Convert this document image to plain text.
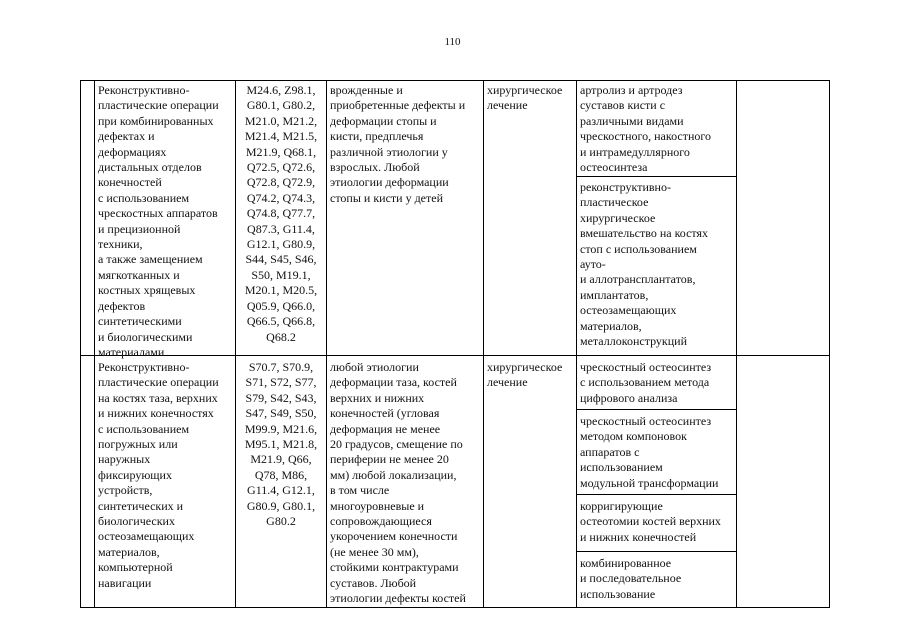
110

Реконструктивно-
пластические операции
при комбинированных
дефектах и
деформациях
дистальных отделов
конечностей
с использованием
чрескостных аппаратов
и прецизионной
техники,
а также замещением
мягкотканных и
костных хрящевых
дефектов
синтетическими
и биологическими
материалами
M24.6, Z98.1,
G80.1, G80.2,
M21.0, M21.2,
M21.4, M21.5,
M21.9, Q68.1,
Q72.5, Q72.6,
Q72.8, Q72.9,
Q74.2, Q74.3,
Q74.8, Q77.7,
Q87.3, G11.4,
G12.1, G80.9,
S44, S45, S46,
S50, M19.1,
M20.1, M20.5,
Q05.9, Q66.0,
Q66.5, Q66.8,
Q68.2
врожденные и
приобретенные дефекты и
деформации стопы и
кисти, предплечья
различной этиологии у
взрослых. Любой
этиологии деформации
стопы и кисти у детей
хирургическое
лечение
артролиз и артродез
суставов кисти с
различными видами
чрескостного, накостного
и интрамедуллярного
остеосинтеза
реконструктивно-
пластическое
хирургическое
вмешательство на костях
стоп с использованием
ауто-
и аллотрансплантатов,
имплантатов,
остеозамещающих
материалов,
металлоконструкций
Реконструктивно-
пластические операции
на костях таза, верхних
и нижних конечностях
с использованием
погружных или
наружных
фиксирующих
устройств,
синтетических и
биологических
остеозамещающих
материалов,
компьютерной
навигации
S70.7, S70.9,
S71, S72, S77,
S79, S42, S43,
S47, S49, S50,
M99.9, M21.6,
M95.1, M21.8,
M21.9, Q66,
Q78, M86,
G11.4, G12.1,
G80.9, G80.1,
G80.2
любой этиологии
деформации таза, костей
верхних и нижних
конечностей (угловая
деформация не менее
20 градусов, смещение по
периферии не менее 20
мм) любой локализации,
в том числе
многоуровневые и
сопровождающиеся
укорочением конечности
(не менее 30 мм),
стойкими контрактурами
суставов. Любой
этиологии дефекты костей
хирургическое
лечение
чрескостный остеосинтез
с использованием метода
цифрового анализа
чрескостный остеосинтез
методом компоновок
аппаратов с
использованием
модульной трансформации
корригирующие
остеотомии костей верхних
и нижних конечностей
комбинированное
и последовательное
использование
